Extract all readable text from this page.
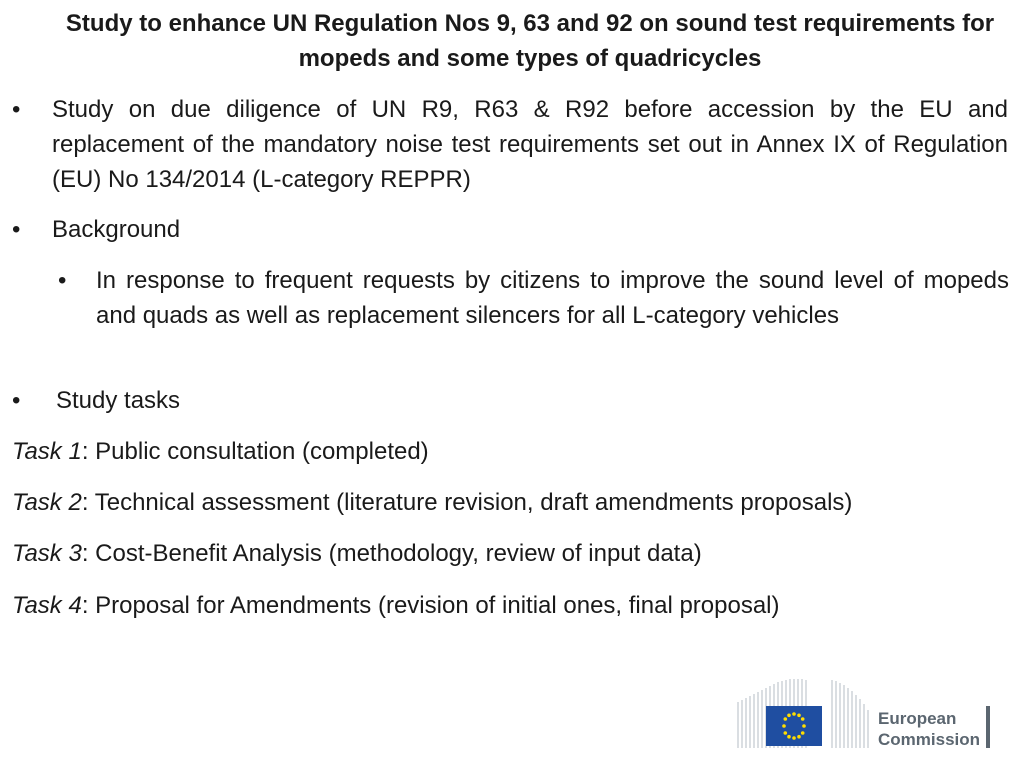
Study to enhance UN Regulation Nos 9, 63 and 92 on sound test requirements for mopeds and some types of quadricycles
• Study on due diligence of UN R9, R63 & R92 before accession by the EU and replacement of the mandatory noise test requirements set out in Annex IX of Regulation (EU) No 134/2014 (L-category REPPR)
• Background
• In response to frequent requests by citizens to improve the sound level of mopeds and quads as well as replacement silencers for all L-category vehicles
• Study tasks
Task 1: Public consultation (completed)
Task 2: Technical assessment (literature revision, draft amendments proposals)
Task 3: Cost-Benefit Analysis (methodology, review of input data)
Task 4: Proposal for Amendments (revision of initial ones, final proposal)
European
Commission
